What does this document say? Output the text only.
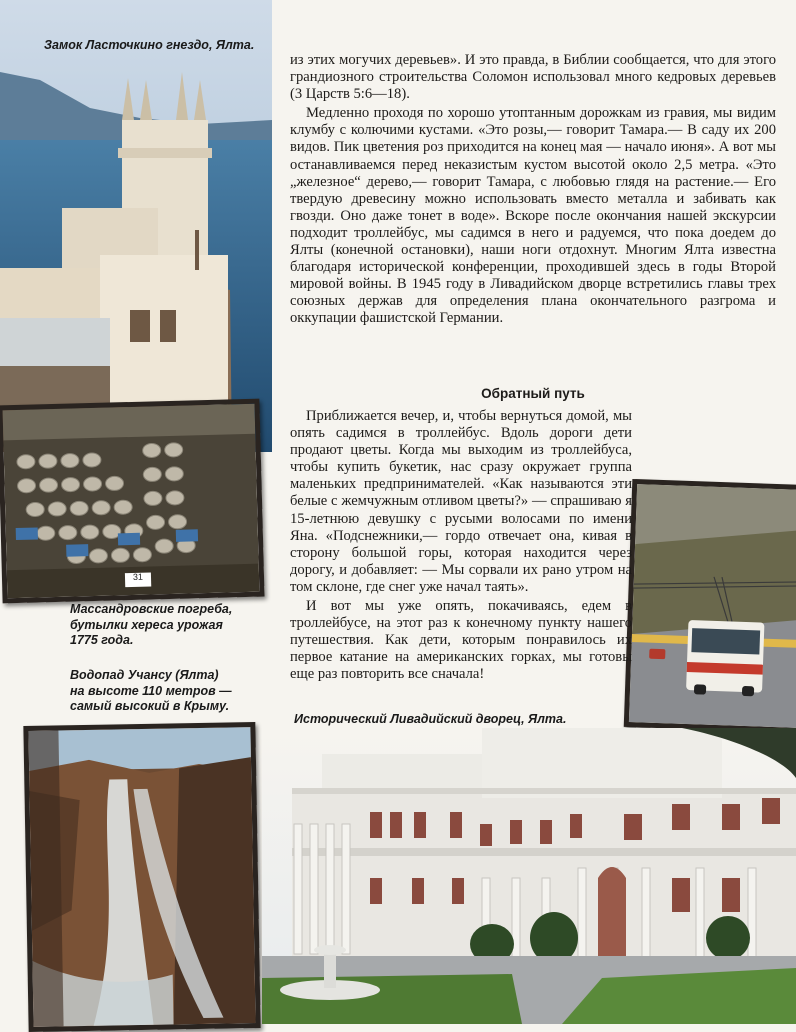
Замок Ласточкино гнездо, Ялта.
31
Массандровские погреба,
бутылки хереса урожая
1775 года.
Водопад Учансу (Ялта)
на высоте 110 метров —
самый высокий в Крыму.
Исторический Ливадийский дворец, Ялта.

из этих могучих деревьев». И это правда, в Библии сообщается, что для этого грандиозного строительства Соломон использовал много кедровых деревьев (3 Царств 5:6—18).

Медленно проходя по хорошо утоптанным дорожкам из гравия, мы видим клумбу с колючими кустами. «Это розы,— говорит Тамара.— В саду их 200 видов. Пик цветения роз приходится на конец мая — начало июня». А вот мы останавливаемся перед неказистым кустом высотой около 2,5 метра. «Это „железное“ дерево,— говорит Тамара, с любовью глядя на растение.— Его твердую древесину можно использовать вместо металла и забивать как гвозди. Оно даже тонет в воде». Вскоре после окончания нашей экскурсии подходит троллейбус, мы садимся в него и радуемся, что пока доедем до Ялты (конечной остановки), наши ноги отдохнут. Многим Ялта известна благодаря исторической конференции, проходившей здесь в годы Второй мировой войны. В 1945 году в Ливадийском дворце встретились главы трех союзных держав для определения плана окончательного разгрома и оккупации фашистской Германии.

Обратный путь

Приближается вечер, и, чтобы вернуться домой, мы опять садимся в троллейбус. Вдоль дороги дети продают цветы. Когда мы выходим из троллейбуса, чтобы купить букетик, нас сразу окружает группа маленьких предпринимателей. «Как называются эти белые с жемчужным отливом цветы?» — спрашиваю я 15-летнюю девушку с русыми волосами по имени Яна. «Подснежники,— гордо отвечает она, кивая в сторону большой горы, которая находится через дорогу, и добавляет: — Мы сорвали их рано утром на том склоне, где снег уже начал таять».

И вот мы уже опять, покачиваясь, едем в троллейбусе, на этот раз к конечному пункту нашего путешествия. Как дети, которым понравилось их первое катание на американских горках, мы готовы еще раз повторить все сначала!
